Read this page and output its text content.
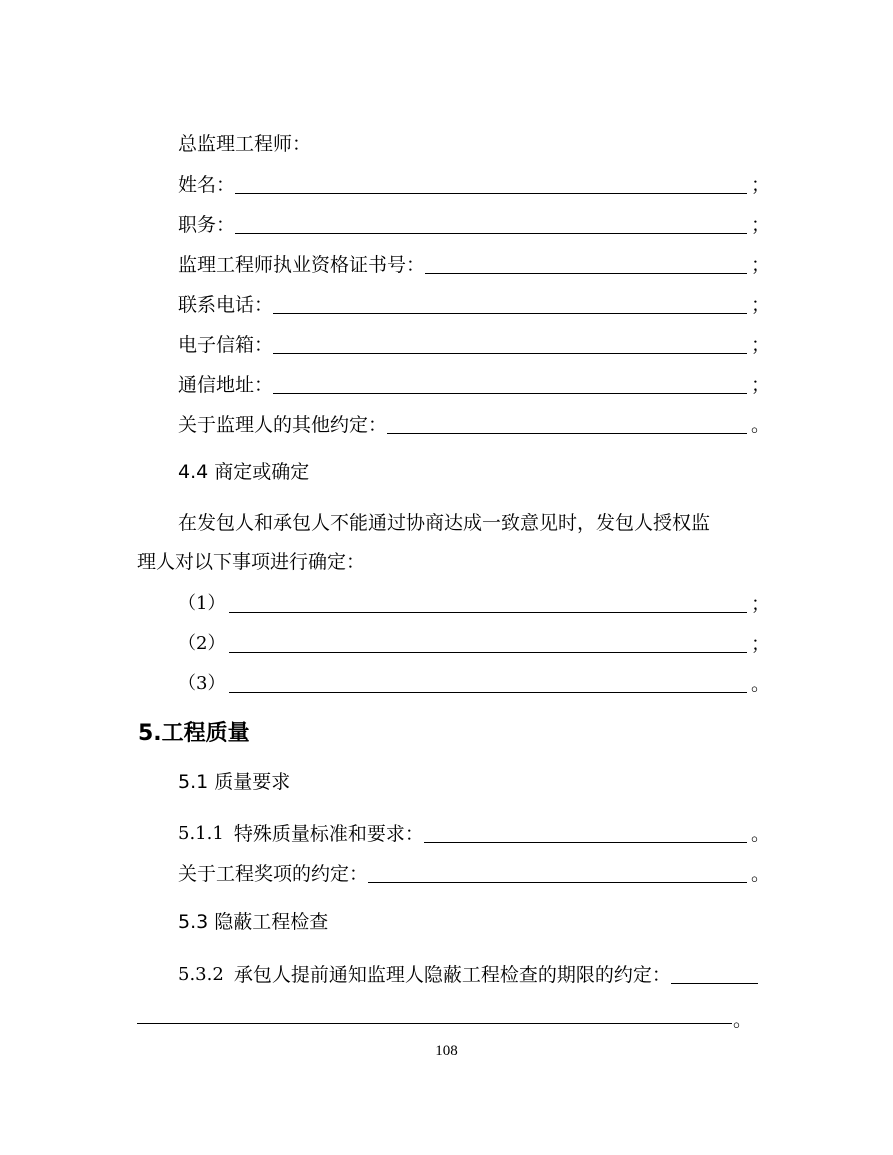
总监理工程师：
姓名：	；
职务：	；
监理工程师执业资格证书号：	；
联系电话：	；
电子信箱：	；
通信地址：	；
关于监理人的其他约定：	。
4.4 商定或确定
在发包人和承包人不能通过协商达成一致意见时，发包人授权监
理人对以下事项进行确定：
（1）	；
（2）	；
（3）	。
5.工程质量
5.1 质量要求
5.1.1 特殊质量标准和要求：	。
关于工程奖项的约定：	。
5.3 隐蔽工程检查
5.3.2 承包人提前通知监理人隐蔽工程检查的期限的约定：
。
108
